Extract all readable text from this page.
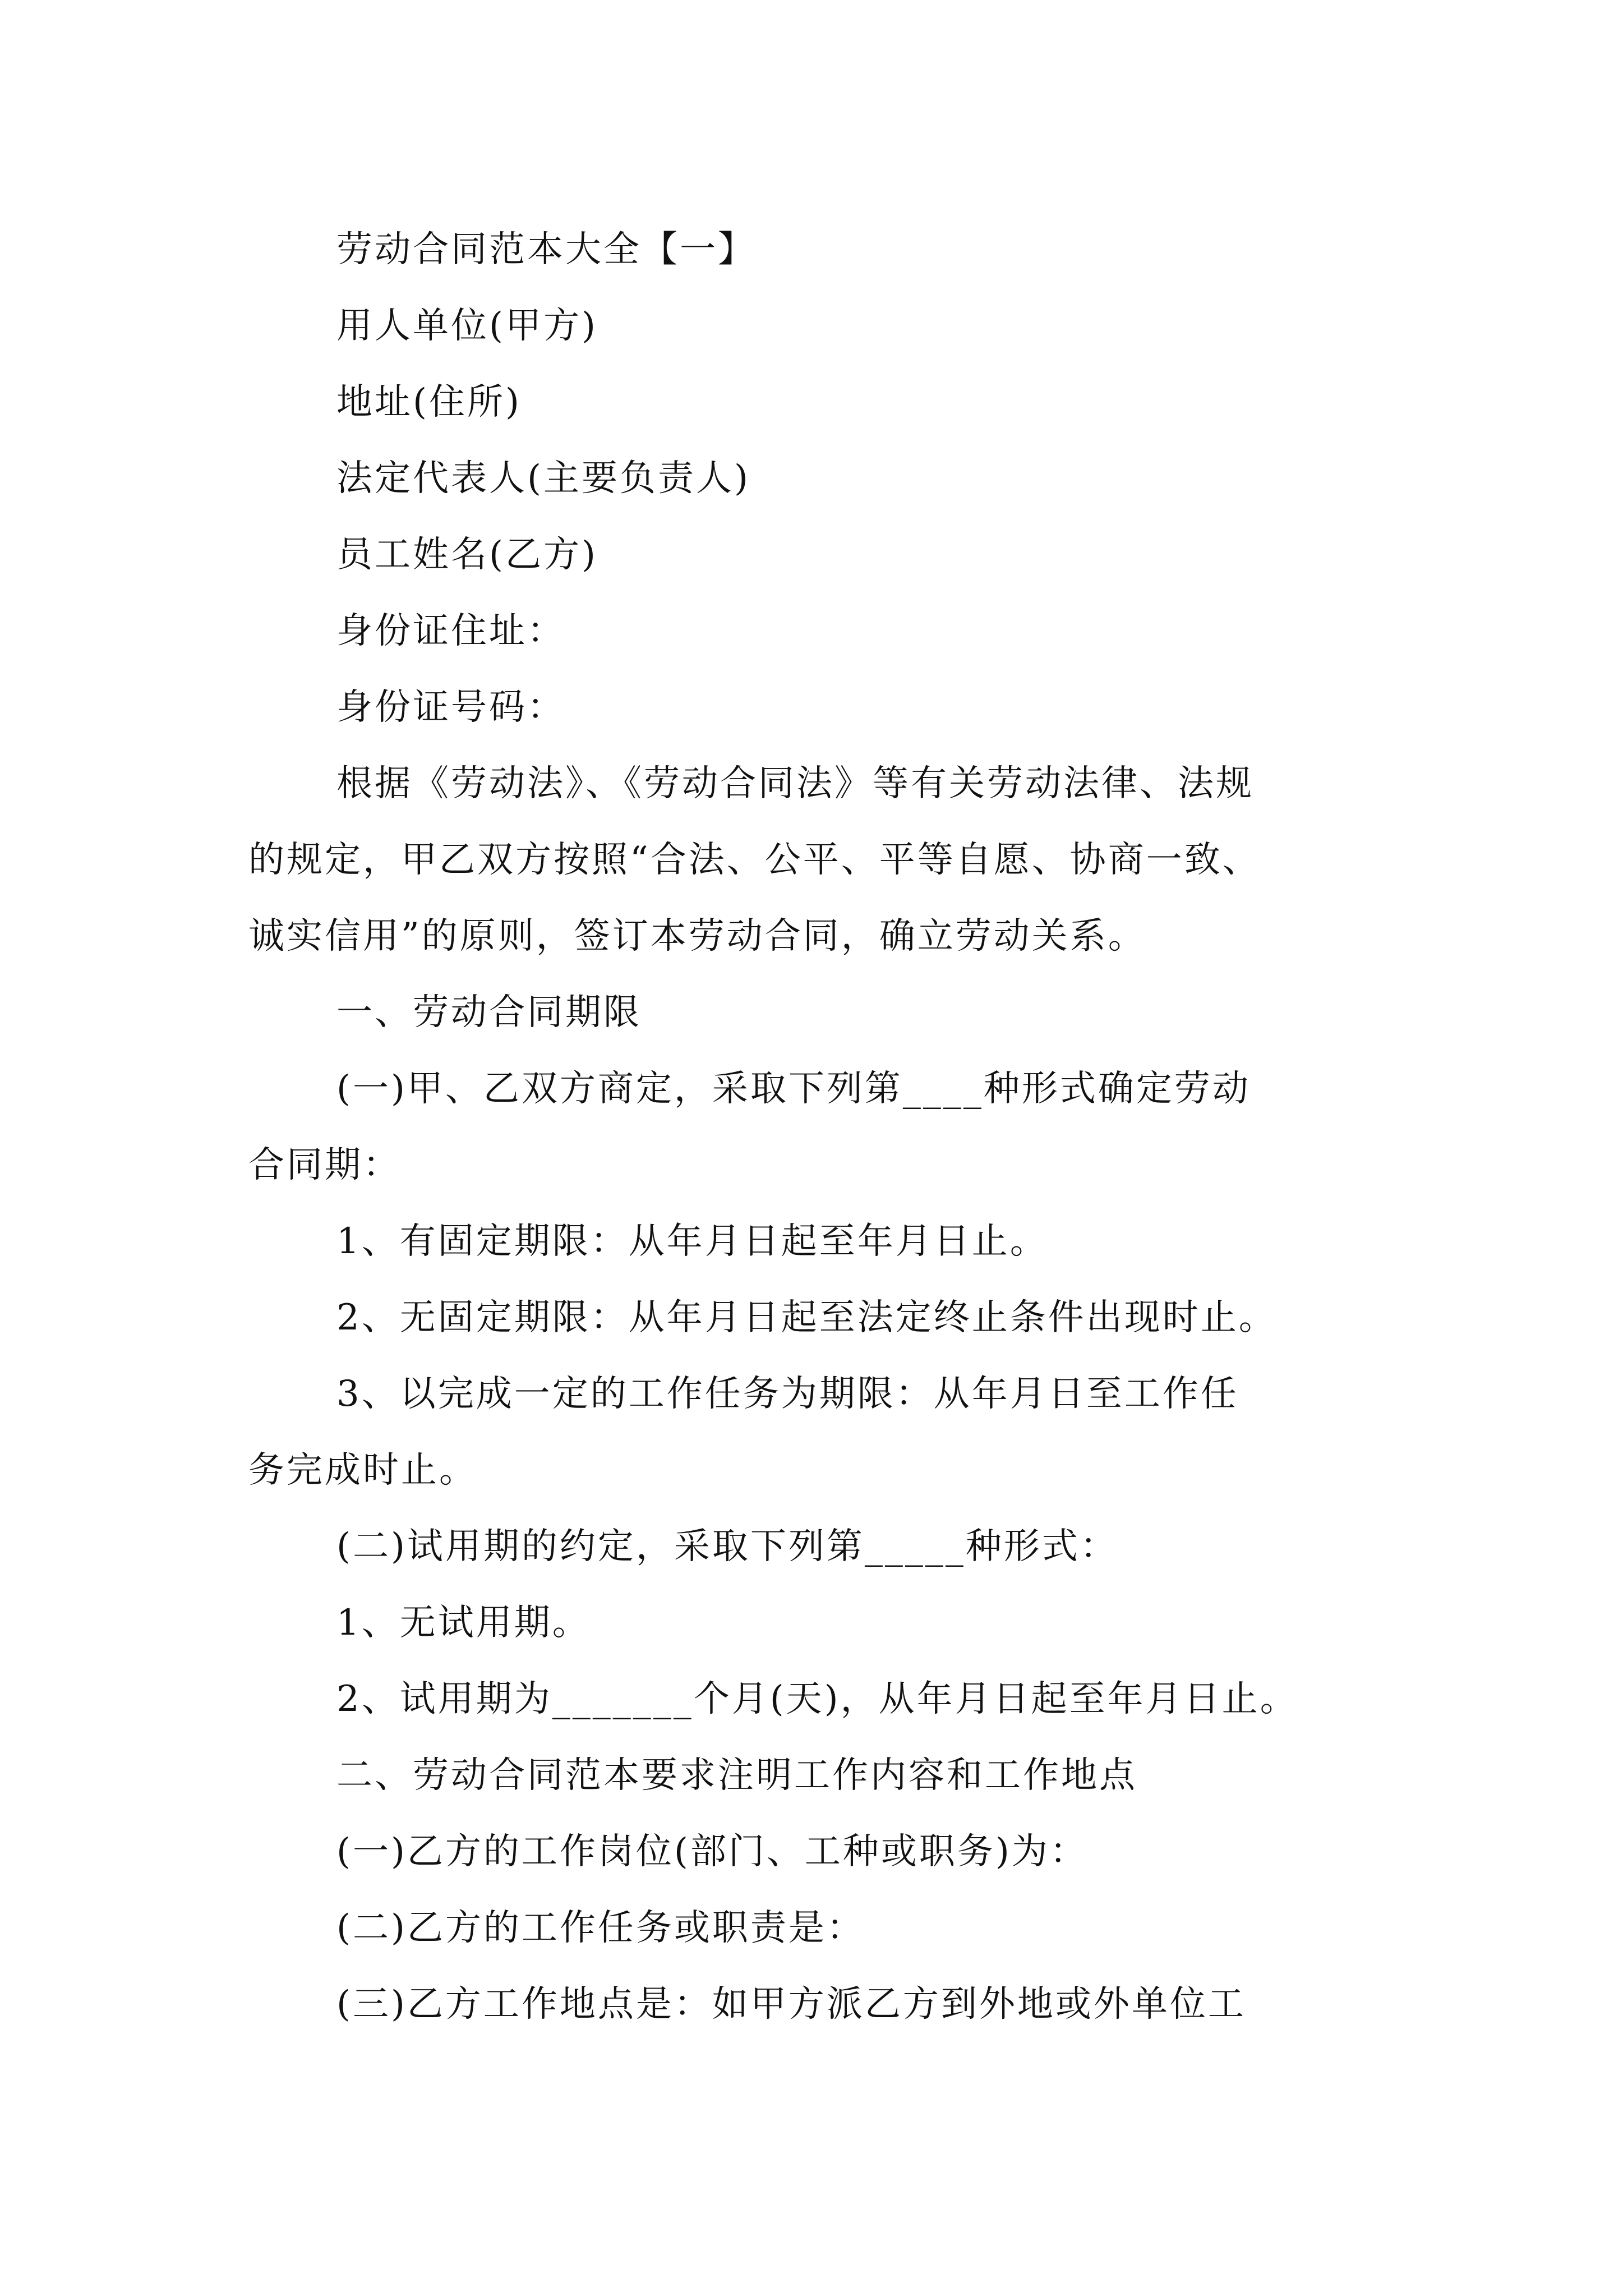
劳动合同范本大全【一】
用人单位(甲方)
地址(住所)
法定代表人(主要负责人)
员工姓名(乙方)
身份证住址：
身份证号码：
根据《劳动法》、《劳动合同法》等有关劳动法律、法规
的规定，甲乙双方按照“合法、公平、平等自愿、协商一致、
诚实信用”的原则，签订本劳动合同，确立劳动关系。
一、劳动合同期限
(一)甲、乙双方商定，采取下列第____种形式确定劳动
合同期：
1、有固定期限：从年月日起至年月日止。
2、无固定期限：从年月日起至法定终止条件出现时止。
3、以完成一定的工作任务为期限：从年月日至工作任
务完成时止。
(二)试用期的约定，采取下列第_____种形式：
1、无试用期。
2、试用期为_______个月(天)，从年月日起至年月日止。
二、劳动合同范本要求注明工作内容和工作地点
(一)乙方的工作岗位(部门、工种或职务)为：
(二)乙方的工作任务或职责是：
(三)乙方工作地点是：如甲方派乙方到外地或外单位工
